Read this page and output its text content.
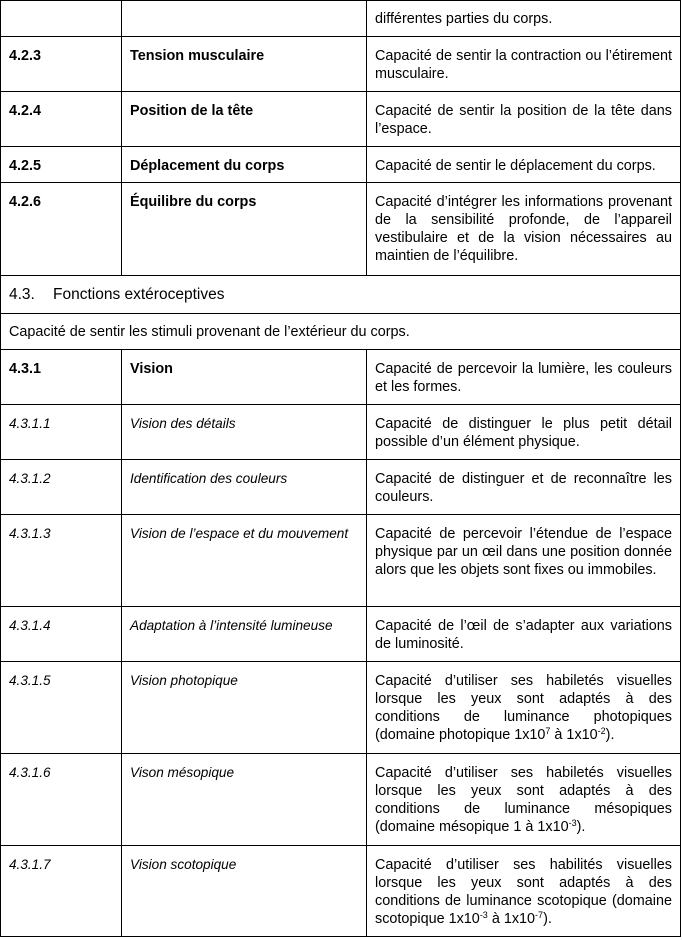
		différentes parties du corps.
4.2.3	Tension musculaire	Capacité de sentir la contraction ou l’étirement musculaire.
4.2.4	Position de la tête	Capacité de sentir la position de la tête dans l’espace.
4.2.5	Déplacement du corps	Capacité de sentir le déplacement du corps.
4.2.6	Équilibre du corps	Capacité d’intégrer les informations provenant de la sensibilité profonde, de l’appareil vestibulaire et de la vision nécessaires au maintien de l’équilibre.
4.3. Fonctions extéroceptives		
Capacité de sentir les stimuli provenant de l’extérieur du corps.		
4.3.1	Vision	Capacité de percevoir la lumière, les couleurs et les formes.
4.3.1.1	Vision des détails	Capacité de distinguer le plus petit détail possible d’un élément physique.
4.3.1.2	Identification des couleurs	Capacité de distinguer et de reconnaître les couleurs.
4.3.1.3	Vision de l’espace et du mouvement	Capacité de percevoir l’étendue de l’espace physique par un œil dans une position donnée alors que les objets sont fixes ou immobiles.
4.3.1.4	Adaptation à l’intensité lumineuse	Capacité de l’œil de s’adapter aux variations de luminosité.
4.3.1.5	Vision photopique	Capacité d’utiliser ses habiletés visuelles lorsque les yeux sont adaptés à des conditions de luminance photopiques (domaine photopique $1x10^7$ à $1x10^{-2}$).
4.3.1.6	Vison mésopique	Capacité d’utiliser ses habiletés visuelles lorsque les yeux sont adaptés à des conditions de luminance mésopiques (domaine mésopique 1 à $1x10^{-3}$).
4.3.1.7	Vision scotopique	Capacité d’utiliser ses habilités visuelles lorsque les yeux sont adaptés à des conditions de luminance scotopique (domaine scotopique $1x10^{-3}$ à $1x10^{-7}$).
